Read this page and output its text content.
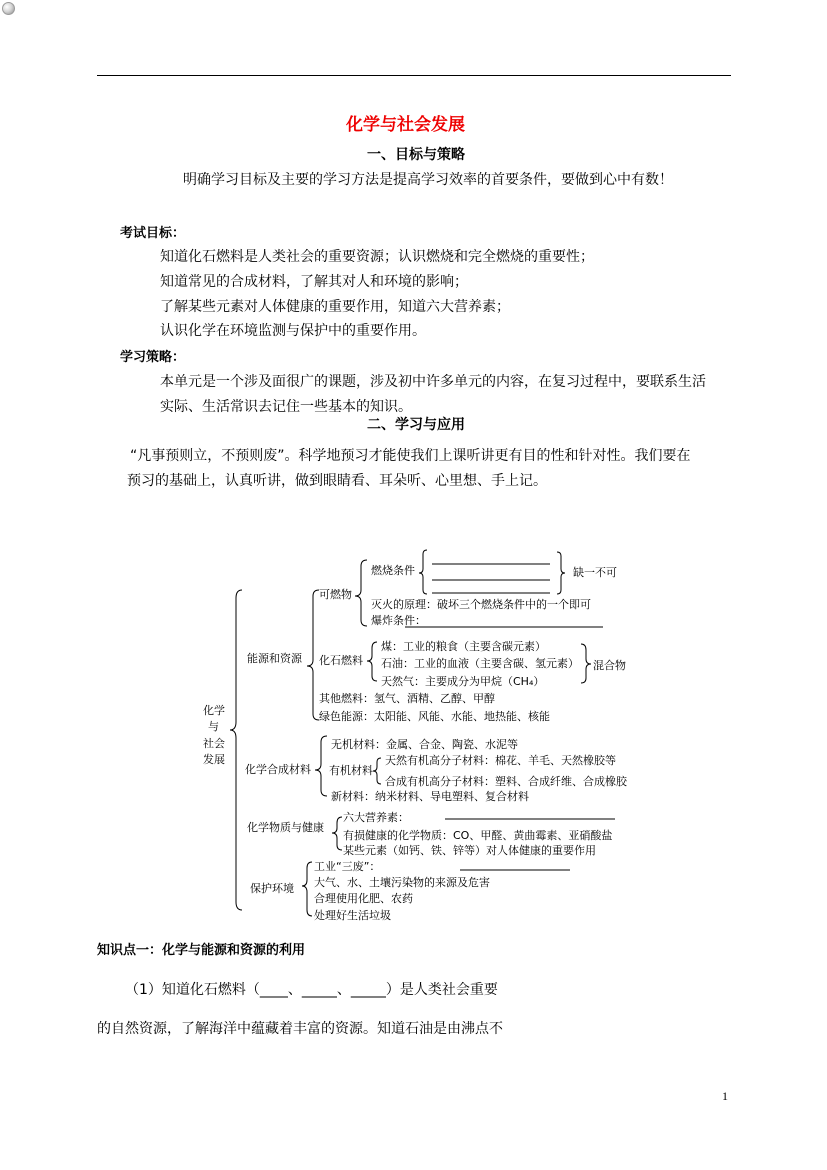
化学与社会发展
一、目标与策略
明确学习目标及主要的学习方法是提高学习效率的首要条件，要做到心中有数！
考试目标：
知道化石燃料是人类社会的重要资源；认识燃烧和完全燃烧的重要性；
知道常见的合成材料，了解其对人和环境的影响；
了解某些元素对人体健康的重要作用，知道六大营养素；
认识化学在环境监测与保护中的重要作用。
学习策略：
本单元是一个涉及面很广的课题，涉及初中许多单元的内容，在复习过程中，要联系生活
实际、生活常识去记住一些基本的知识。
二、学习与应用
“凡事预则立，不预则废”。科学地预习才能使我们上课听讲更有目的性和针对性。我们要在
预习的基础上，认真听讲，做到眼睛看、耳朵听、心里想、手上记。
化学
与
社会
发展
能源和资源
可燃物
燃烧条件	缺一不可
灭火的原理：破坏三个燃烧条件中的一个即可
爆炸条件：
化石燃料
煤：工业的粮食（主要含碳元素）
石油：工业的血液（主要含碳、氢元素）
天然气：主要成分为甲烷（CH₄）
混合物
其他燃料：氢气、酒精、乙醇、甲醇
绿色能源：太阳能、风能、水能、地热能、核能
化学合成材料
无机材料：金属、合金、陶瓷、水泥等
有机材料
天然有机高分子材料：棉花、羊毛、天然橡胶等
合成有机高分子材料：塑料、合成纤维、合成橡胶
新材料：纳米材料、导电塑料、复合材料
化学物质与健康
六大营养素：
有损健康的化学物质：CO、甲醛、黄曲霉素、亚硝酸盐
某些元素（如钙、铁、锌等）对人体健康的重要作用
保护环境
工业“三废”：
大气、水、土壤污染物的来源及危害
合理使用化肥、农药
处理好生活垃圾
知识点一：化学与能源和资源的利用
（1）知道化石燃料（____、_____、_____）是人类社会重要
的自然资源，了解海洋中蕴藏着丰富的资源。知道石油是由沸点不
1
